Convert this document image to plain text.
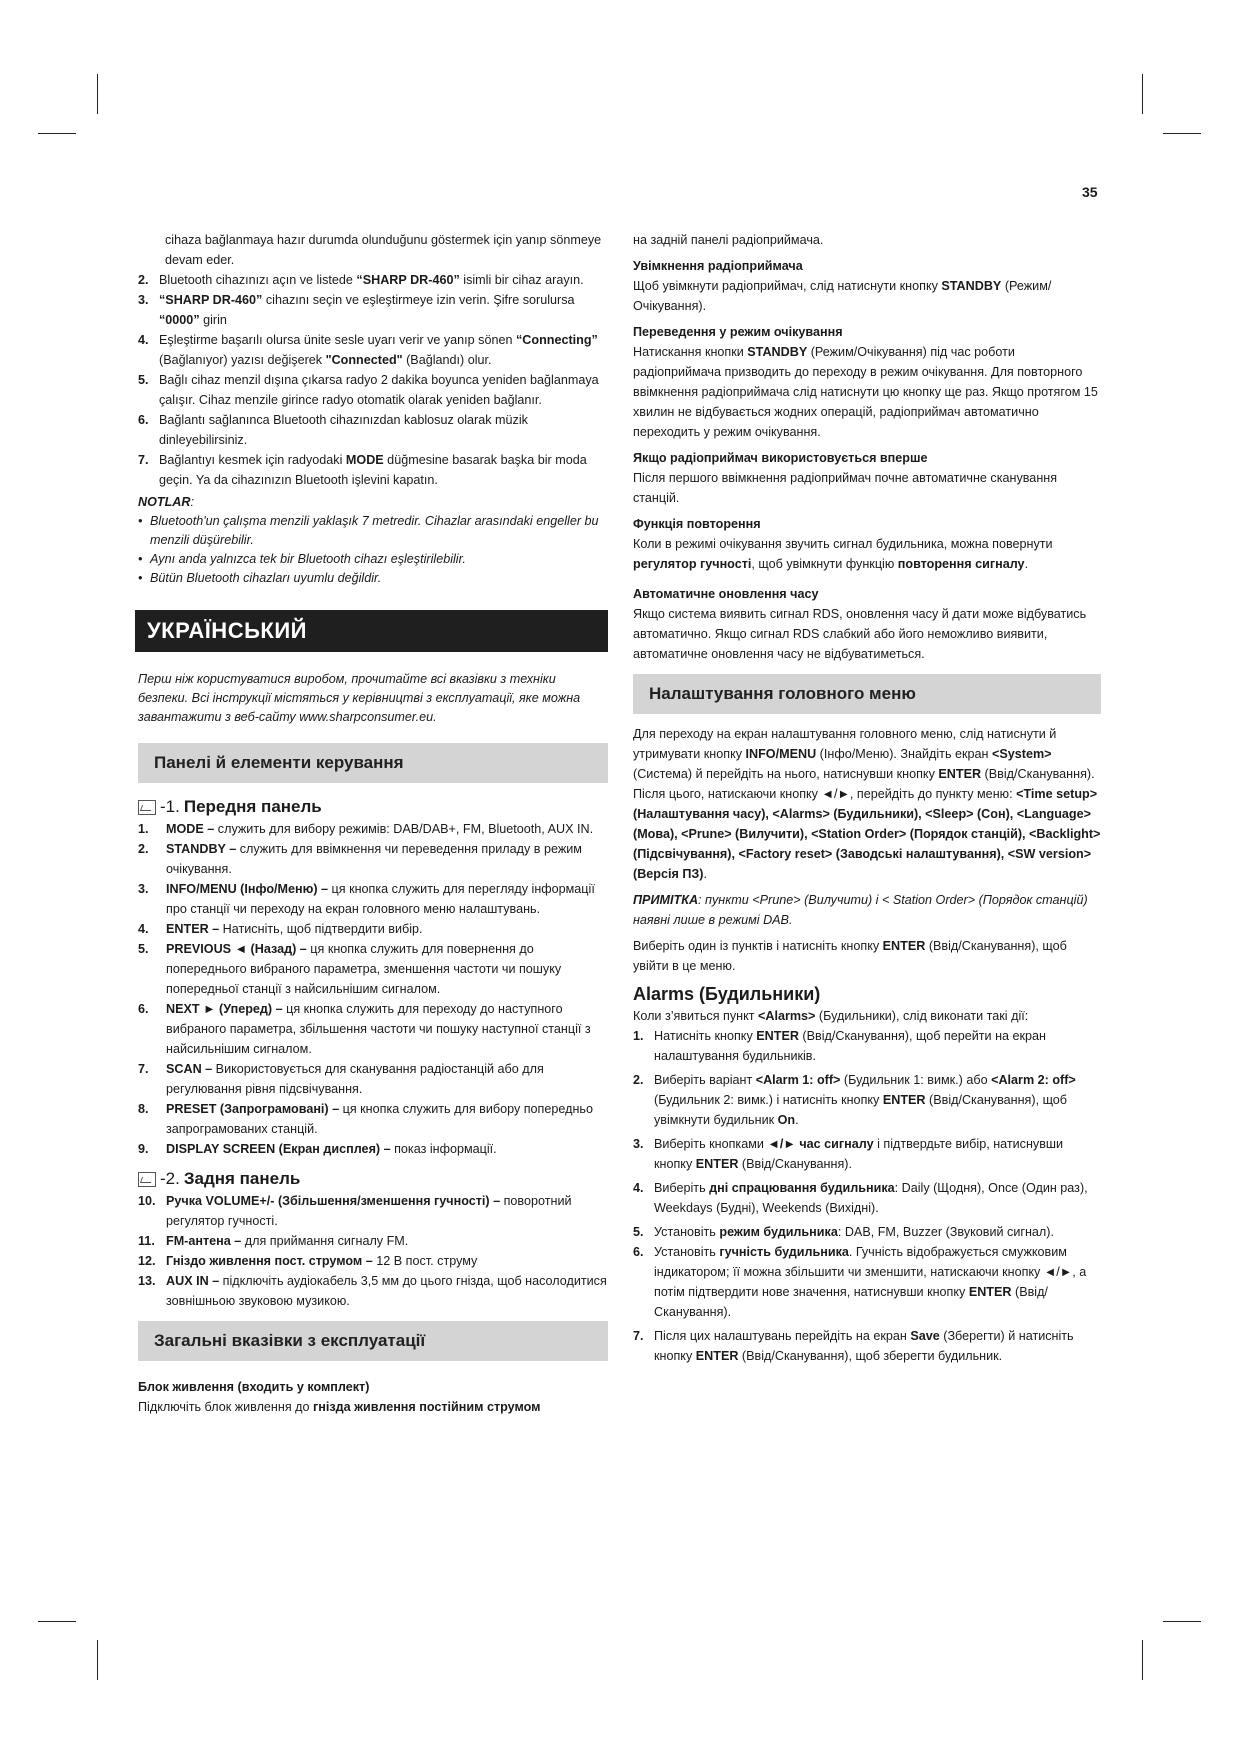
35

cihaza bağlanmaya hazır durumda olunduğunu göstermek için yanıp sönmeye devam eder.

2. Bluetooth cihazınızı açın ve listede “SHARP DR-460” isimli bir cihaz arayın.
3. “SHARP DR-460” cihazını seçin ve eşleştirmeye izin verin. Şifre sorulursa “0000” girin
4. Eşleştirme başarılı olursa ünite sesle uyarı verir ve yanıp sönen “Connecting” (Bağlanıyor) yazısı değişerek "Connected" (Bağlandı) olur.
5. Bağlı cihaz menzil dışına çıkarsa radyo 2 dakika boyunca yeniden bağlanmaya çalışır. Cihaz menzile girince radyo otomatik olarak yeniden bağlanır.
6. Bağlantı sağlanınca Bluetooth cihazınızdan kablosuz olarak müzik dinleyebilirsiniz.
7. Bağlantıyı kesmek için radyodaki MODE düğmesine basarak başka bir moda geçin. Ya da cihazınızın Bluetooth işlevini kapatın.
NOTLAR:
• Bluetooth'un çalışma menzili yaklaşık 7 metredir. Cihazlar arasındaki engeller bu menzili düşürebilir.
• Aynı anda yalnızca tek bir Bluetooth cihazı eşleştirilebilir.
• Bütün Bluetooth cihazları uyumlu değildir.
УКРАЇНСЬКИЙ

Перш ніж користуватися виробом, прочитайте всі вказівки з техніки безпеки. Всі інструкції містяться у керівництві з експлуатації, яке можна завантажити з веб-сайту www.sharpconsumer.eu.

Панелі й елементи керування
-1. Передня панель
1.	MODE – служить для вибору режимів: DAB/DAB+, FM, Bluetooth, AUX IN.
2.	STANDBY – служить для ввімкнення чи переведення приладу в режим очікування.
3.	INFO/MENU (Інфо/Меню) – ця кнопка служить для перегляду інформації про станції чи переходу на екран головного меню налаштувань.
4.	ENTER – Натисніть, щоб підтвердити вибір.
5.	PREVIOUS ◄ (Назад) – ця кнопка служить для повернення до попереднього вибраного параметра, зменшення частоти чи пошуку попередньої станції з найсильнішим сигналом.
6.	NEXT ► (Уперед) – ця кнопка служить для переходу до наступного вибраного параметра, збільшення частоти чи пошуку наступної станції з найсильнішим сигналом.
7.	SCAN – Використовується для сканування радіостанцій або для регулювання рівня підсвічування.
8.	PRESET (Запрограмовані) – ця кнопка служить для вибору попередньо запрограмованих станцій.
9.	DISPLAY SCREEN (Екран дисплея) – показ інформації.
-2. Задня панель
10. Ручка VOLUME+/- (Збільшення/зменшення гучності) – поворотний регулятор гучності.
11. FM-антена – для приймання сигналу FM.
12. Гніздо живлення пост. струмом – 12 В пост. струму
13. AUX IN – підключіть аудіокабель 3,5 мм до цього гнізда, щоб насолодитися зовнішньою звуковою музикою.
Загальні вказівки з експлуатації

Блок живлення (входить у комплект)

Підключіть блок живлення до гнізда живлення постійним струмом

на задній панелі радіоприймача.

Увімкнення радіоприймача

Щоб увімкнути радіоприймач, слід натиснути кнопку STANDBY (Режим/Очікування).

Переведення у режим очікування

Натискання кнопки STANDBY (Режим/Очікування) під час роботи радіоприймача призводить до переходу в режим очікування. Для повторного ввімкнення радіоприймача слід натиснути цю кнопку ще раз. Якщо протягом 15 хвилин не відбувається жодних операцій, радіоприймач автоматично переходить у режим очікування.

Якщо радіоприймач використовується вперше

Після першого ввімкнення радіоприймач почне автоматичне сканування станцій.

Функція повторення

Коли в режимі очікування звучить сигнал будильника, можна повернути регулятор гучності, щоб увімкнути функцію повторення сигналу.

Автоматичне оновлення часу

Якщо система виявить сигнал RDS, оновлення часу й дати може відбуватись автоматично. Якщо сигнал RDS слабкий або його неможливо виявити, автоматичне оновлення часу не відбуватиметься.

Налаштування головного меню

Для переходу на екран налаштування головного меню, слід натиснути й утримувати кнопку INFO/MENU (Інфо/Меню). Знайдіть екран <System> (Система) й перейдіть на нього, натиснувши кнопку ENTER (Ввід/Сканування). Після цього, натискаючи кнопку ◄/►, перейдіть до пункту меню: <Time setup> (Налаштування часу), <Alarms> (Будильники), <Sleep> (Сон), <Language> (Мова), <Prune> (Вилучити), <Station Order> (Порядок станцій), <Backlight> (Підсвічування), <Factory reset> (Заводські налаштування), <SW version> (Версія ПЗ).

ПРИМІТКА: пункти <Prune> (Вилучити) і < Station Order> (Порядок станцій) наявні лише в режимі DAB.

Виберіть один із пунктів і натисніть кнопку ENTER (Ввід/Сканування), щоб увійти в це меню.

Alarms (Будильники)

Коли з’явиться пункт <Alarms> (Будильники), слід виконати такі дії:

1. Натисніть кнопку ENTER (Ввід/Сканування), щоб перейти на екран налаштування будильників.
2. Виберіть варіант <Alarm 1: off> (Будильник 1: вимк.) або <Alarm 2: off> (Будильник 2: вимк.) і натисніть кнопку ENTER (Ввід/Сканування), щоб увімкнути будильник On.
3. Виберіть кнопками ◄/► час сигналу і підтвердьте вибір, натиснувши кнопку ENTER (Ввід/Сканування).
4. Виберіть дні спрацювання будильника: Daily (Щодня), Once (Один раз), Weekdays (Будні), Weekends (Вихідні).
5. Установіть режим будильника: DAB, FM, Buzzer (Звуковий сигнал).
6. Установіть гучність будильника. Гучність відображується смужковим індикатором; її можна збільшити чи зменшити, натискаючи кнопку ◄/►, а потім підтвердити нове значення, натиснувши кнопку ENTER (Ввід/Сканування).
7. Після цих налаштувань перейдіть на екран Save (Зберегти) й натисніть кнопку ENTER (Ввід/Сканування), щоб зберегти будильник.
